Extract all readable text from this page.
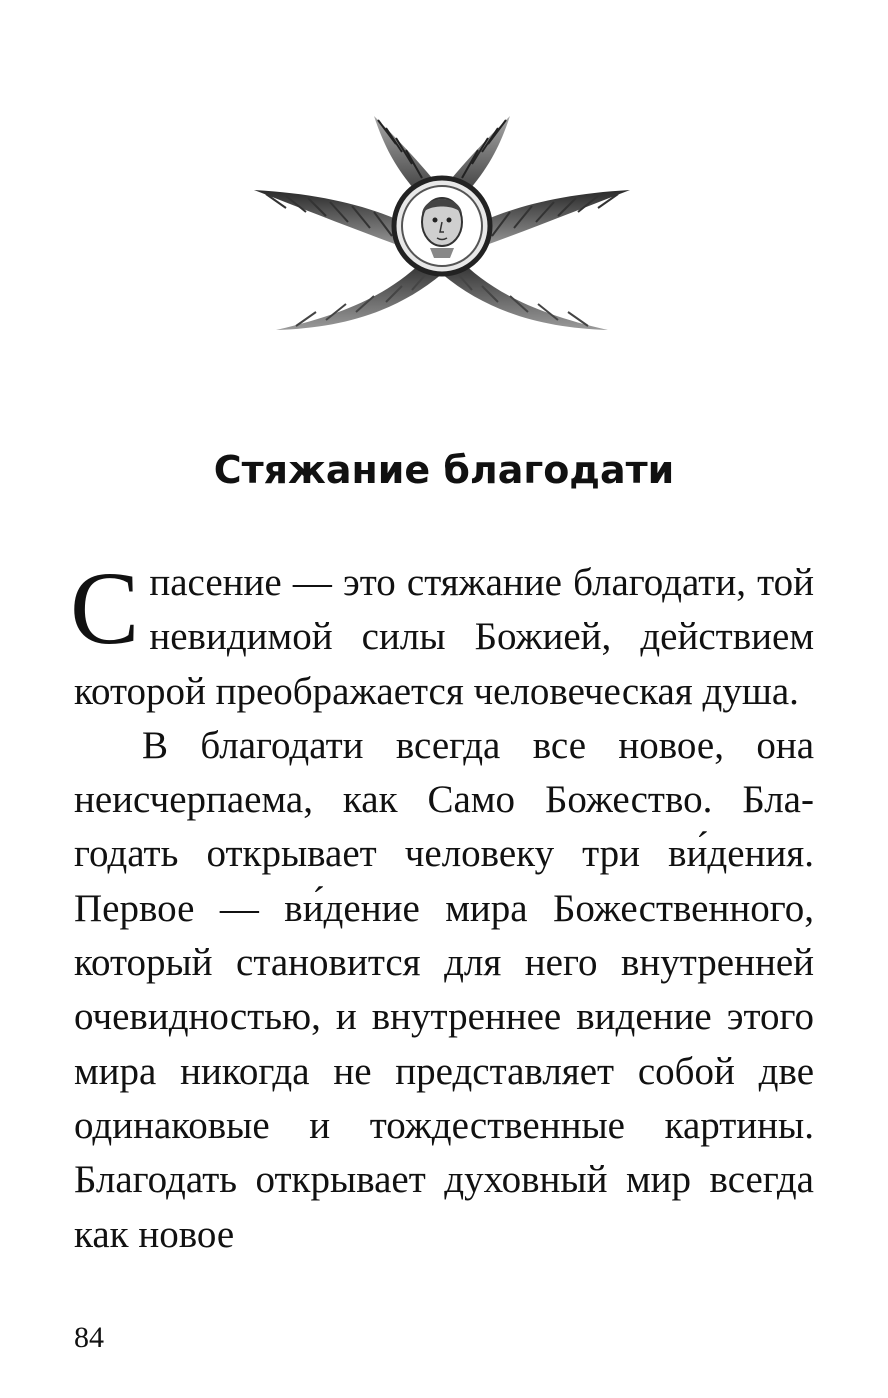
Стяжание благодати

Спасение — это стяжание благодати, той невидимой силы Божией, действием которой преображается человеческая душа.

В благодати всегда все новое, она неисчерпаема, как Само Божество. Благодать открывает человеку три ви́дения. Первое — ви́дение мира Божественного, который становится для него внутренней очевидностью, и внутреннее видение этого мира никогда не представляет собой две одинаковые и тождественные картины. Благодать открывает духовный мир всегда как новое

84
